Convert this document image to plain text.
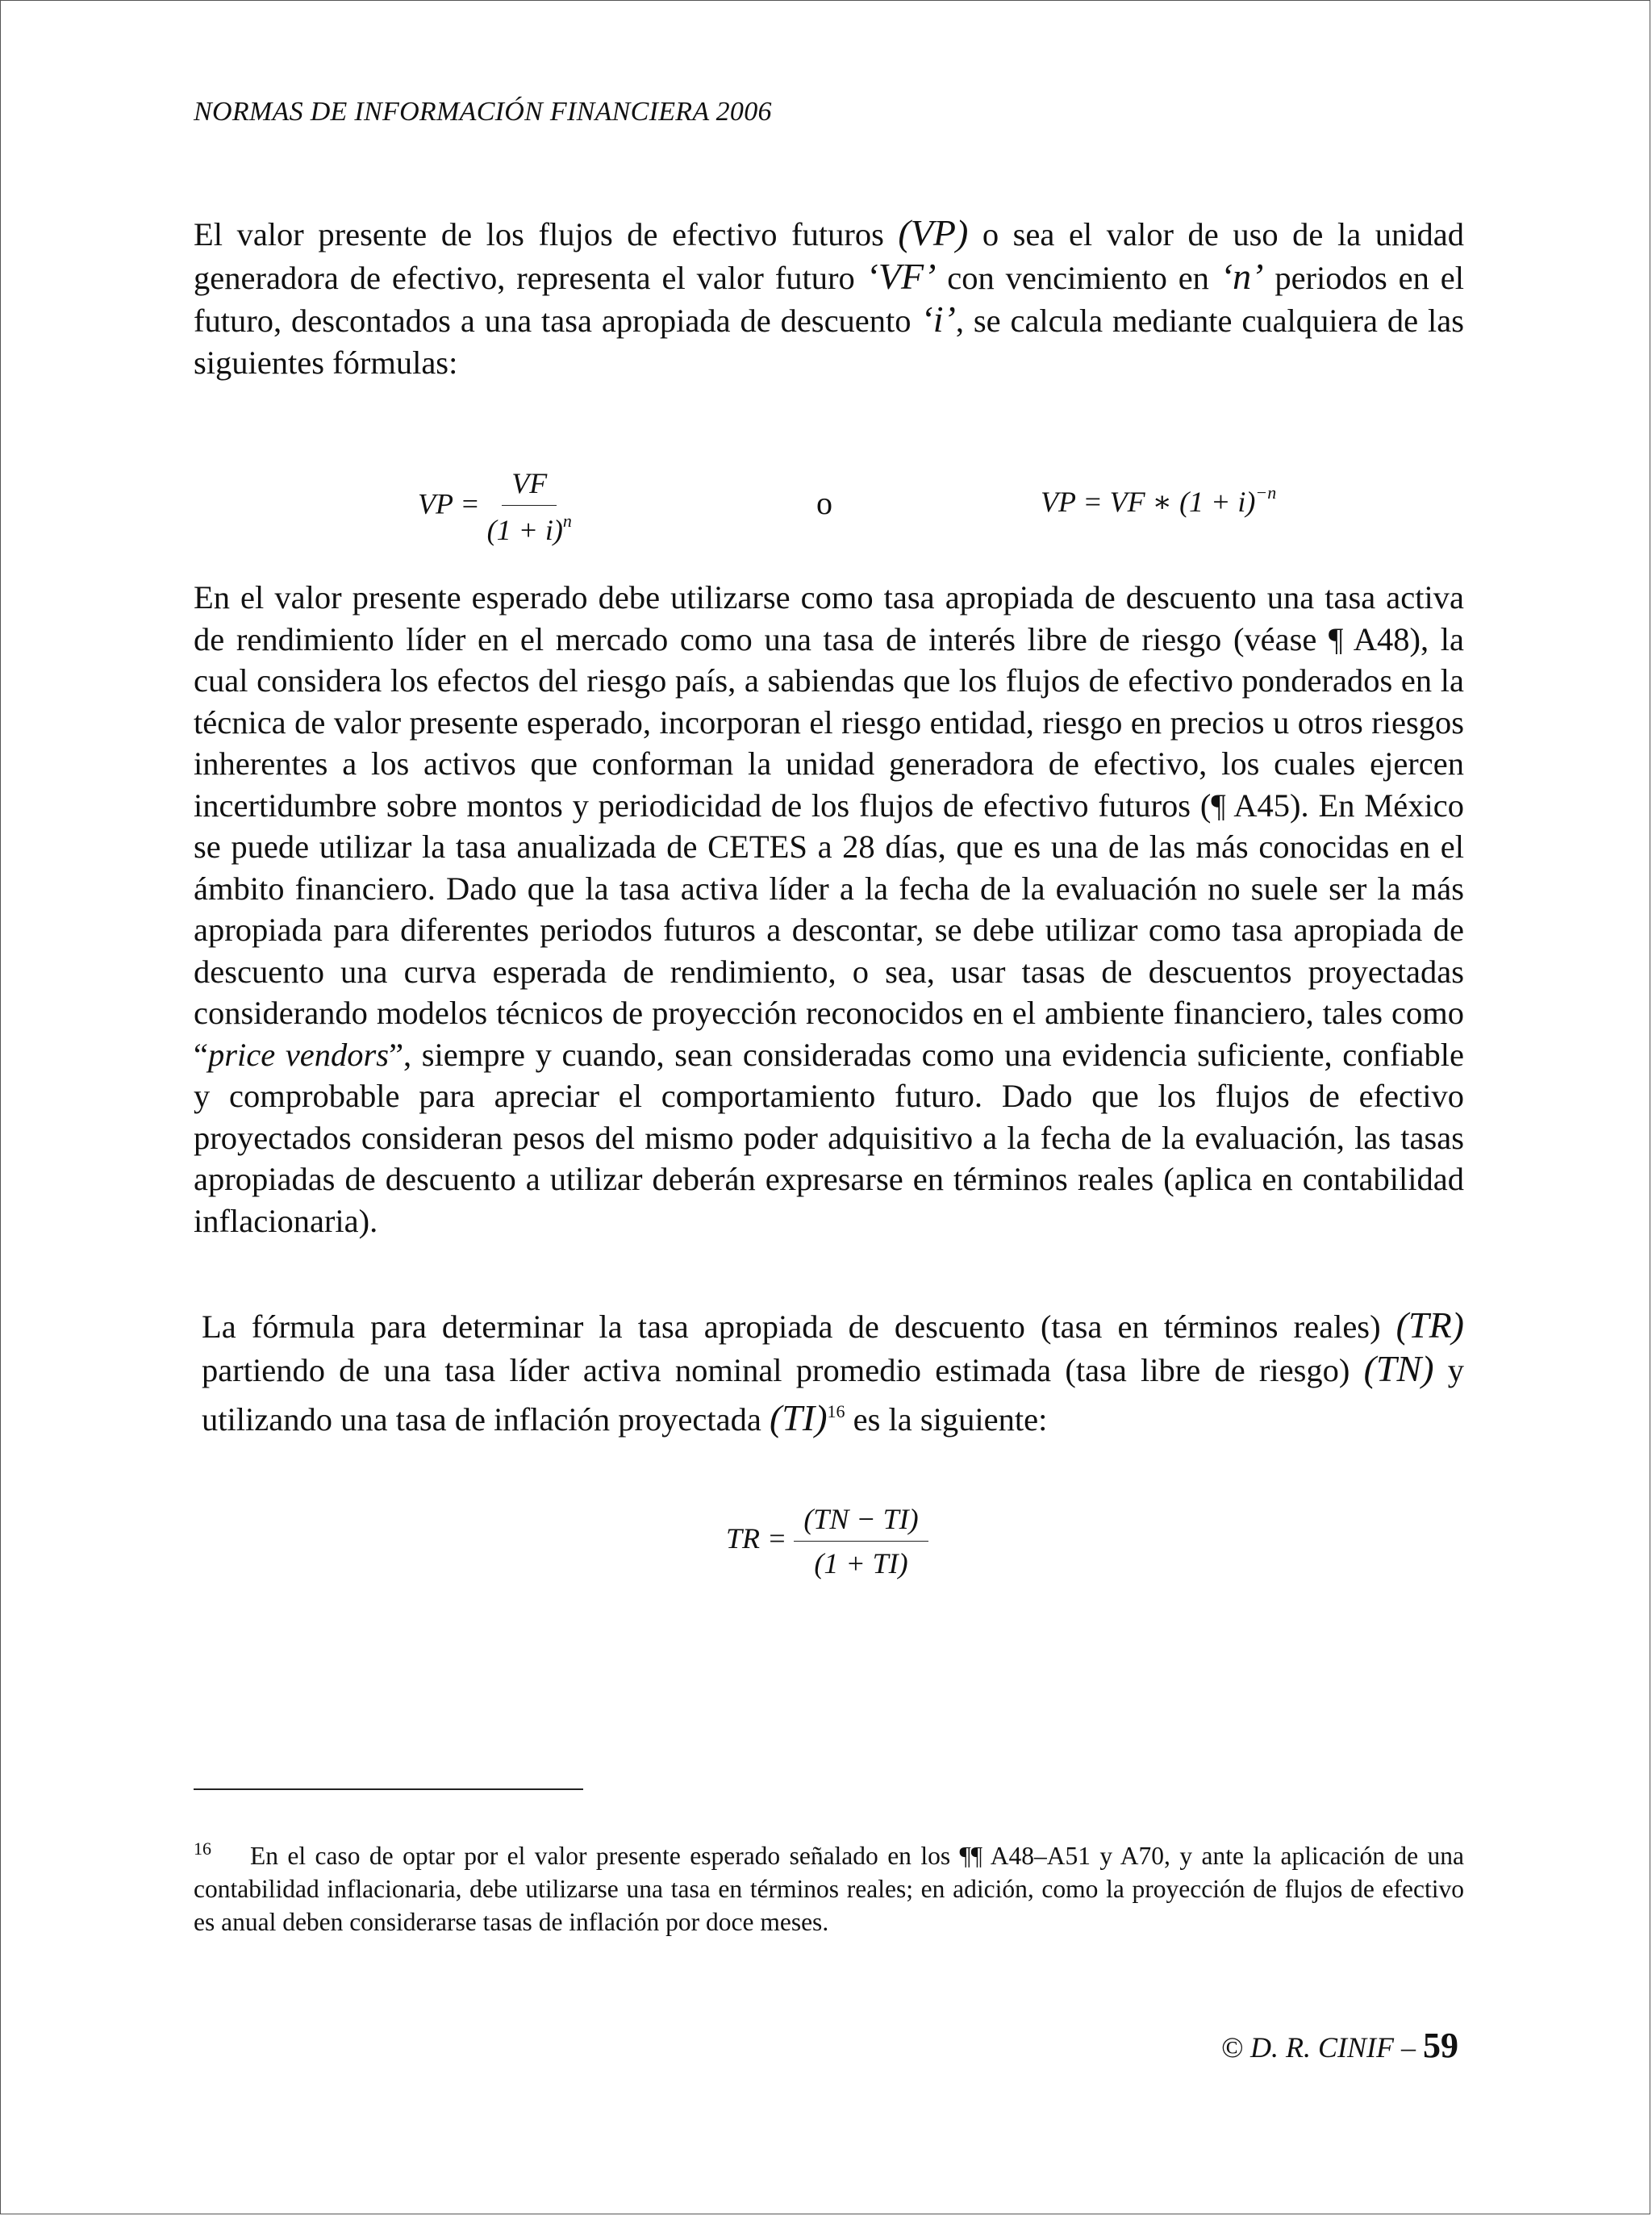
NORMAS DE INFORMACIÓN FINANCIERA 2006

El valor presente de los flujos de efectivo futuros (VP) o sea el valor de uso de la unidad generadora de efectivo, representa el valor futuro ‘VF’ con vencimiento en ‘n’ periodos en el futuro, descontados a una tasa apropiada de descuento ‘i’, se calcula mediante cualquiera de las siguientes fórmulas:

VP = $\frac{VF}{(1 + i)^n}$	o	VP = VF ∗ $(1 + i)^{-n}$

En el valor presente esperado debe utilizarse como tasa apropiada de descuento una tasa activa de rendimiento líder en el mercado como una tasa de interés libre de riesgo (véase ¶ A48), la cual considera los efectos del riesgo país, a sabiendas que los flujos de efectivo ponderados en la técnica de valor presente esperado, incorporan el riesgo entidad, riesgo en precios u otros riesgos inherentes a los activos que conforman la unidad generadora de efectivo, los cuales ejercen incertidumbre sobre montos y periodicidad de los flujos de efectivo futuros (¶ A45). En México se puede utilizar la tasa anualizada de CETES a 28 días, que es una de las más conocidas en el ámbito financiero. Dado que la tasa activa líder a la fecha de la evaluación no suele ser la más apropiada para diferentes periodos futuros a descontar, se debe utilizar como tasa apropiada de descuento una curva esperada de rendimiento, o sea, usar tasas de descuentos proyectadas considerando modelos técnicos de proyección reconocidos en el ambiente financiero, tales como “price vendors”, siempre y cuando, sean consideradas como una evidencia suficiente, confiable y comprobable para apreciar el comportamiento futuro. Dado que los flujos de efectivo proyectados consideran pesos del mismo poder adquisitivo a la fecha de la evaluación, las tasas apropiadas de descuento a utilizar deberán expresarse en términos reales (aplica en contabilidad inflacionaria).

La fórmula para determinar la tasa apropiada de descuento (tasa en términos reales) (TR) partiendo de una tasa líder activa nominal promedio estimada (tasa libre de riesgo) (TN) y utilizando una tasa de inflación proyectada (TI)$^{16}$ es la siguiente:

TR = $\frac{(TN - TI)}{(1 + TI)}$

$^{16}$ En el caso de optar por el valor presente esperado señalado en los ¶¶ A48–A51 y A70, y ante la aplicación de una contabilidad inflacionaria, debe utilizarse una tasa en términos reales; en adición, como la proyección de flujos de efectivo es anual deben considerarse tasas de inflación por doce meses.

© D. R. CINIF – 59
